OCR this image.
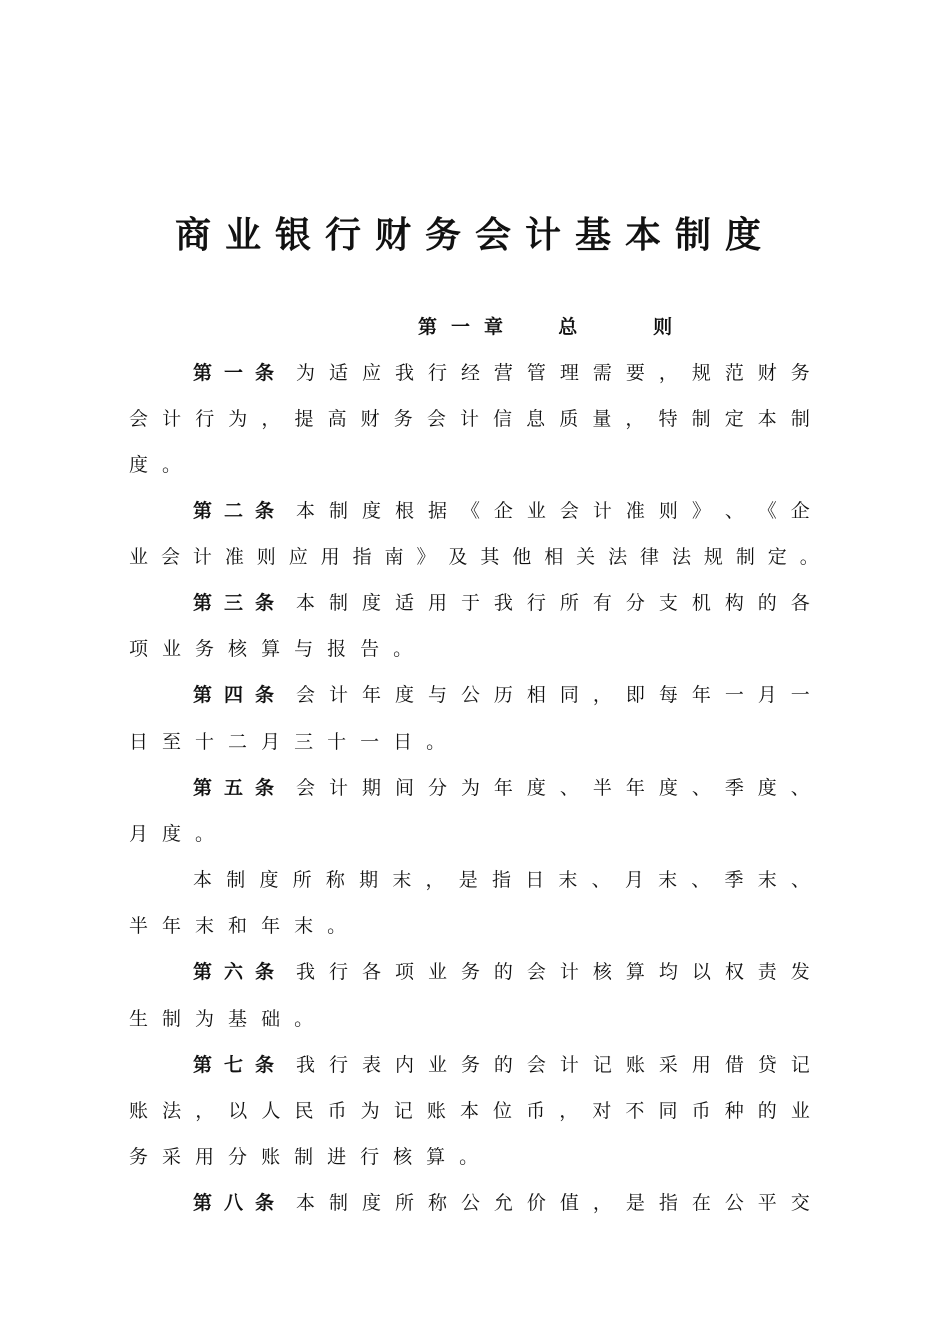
商业银行财务会计基本制度
第一章  总   则
第一条 为 适 应 我 行 经 营 管 理 需 要 ， 规 范 财 务
会 计 行 为 ， 提 高 财 务 会 计 信 息 质 量 ， 特 制 定 本 制
度 。
第二条 本 制 度 根 据 《 企 业 会 计 准 则 》 、 《 企
业 会 计 准 则 应 用 指 南 》 及 其 他 相 关 法 律 法 规 制 定 。
第三条 本 制 度 适 用 于 我 行 所 有 分 支 机 构 的 各
项 业 务 核 算 与 报 告 。
第四条 会 计 年 度 与 公 历 相 同 ， 即 每 年 一 月 一
日 至 十 二 月 三 十 一 日 。
第五条 会 计 期 间 分 为 年 度 、 半 年 度 、 季 度 、
月 度 。
本 制 度 所 称 期 末 ， 是 指 日 末 、 月 末 、 季 末 、
半 年 末 和 年 末 。
第六条 我 行 各 项 业 务 的 会 计 核 算 均 以 权 责 发
生 制 为 基 础 。
第七条 我 行 表 内 业 务 的 会 计 记 账 采 用 借 贷 记
账 法 ， 以 人 民 币 为 记 账 本 位 币 ， 对 不 同 币 种 的 业
务 采 用 分 账 制 进 行 核 算 。
第八条 本 制 度 所 称 公 允 价 值 ， 是 指 在 公 平 交
